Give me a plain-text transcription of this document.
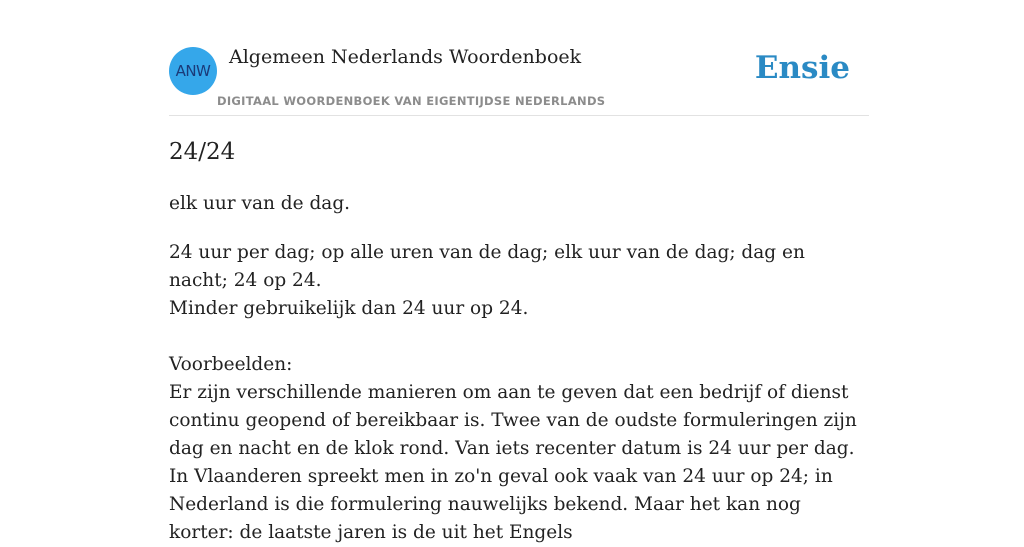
ANW
Algemeen Nederlands Woordenboek
DIGITAAL WOORDENBOEK VAN EIGENTIJDSE NEDERLANDS
Ensie
24/24

elk uur van de dag.

24 uur per dag; op alle uren van de dag; elk uur van de dag; dag en nacht; 24 op 24.

Minder gebruikelijk dan 24 uur op 24.

Voorbeelden:

Er zijn verschillende manieren om aan te geven dat een bedrijf of dienst continu geopend of bereikbaar is. Twee van de oudste formuleringen zijn dag en nacht en de klok rond. Van iets recenter datum is 24 uur per dag. In Vlaanderen spreekt men in zo'n geval ook vaak van 24 uur op 24; in Nederland is die formulering nauwelijks bekend. Maar het kan nog korter: de laatste jaren is de uit het Engels
